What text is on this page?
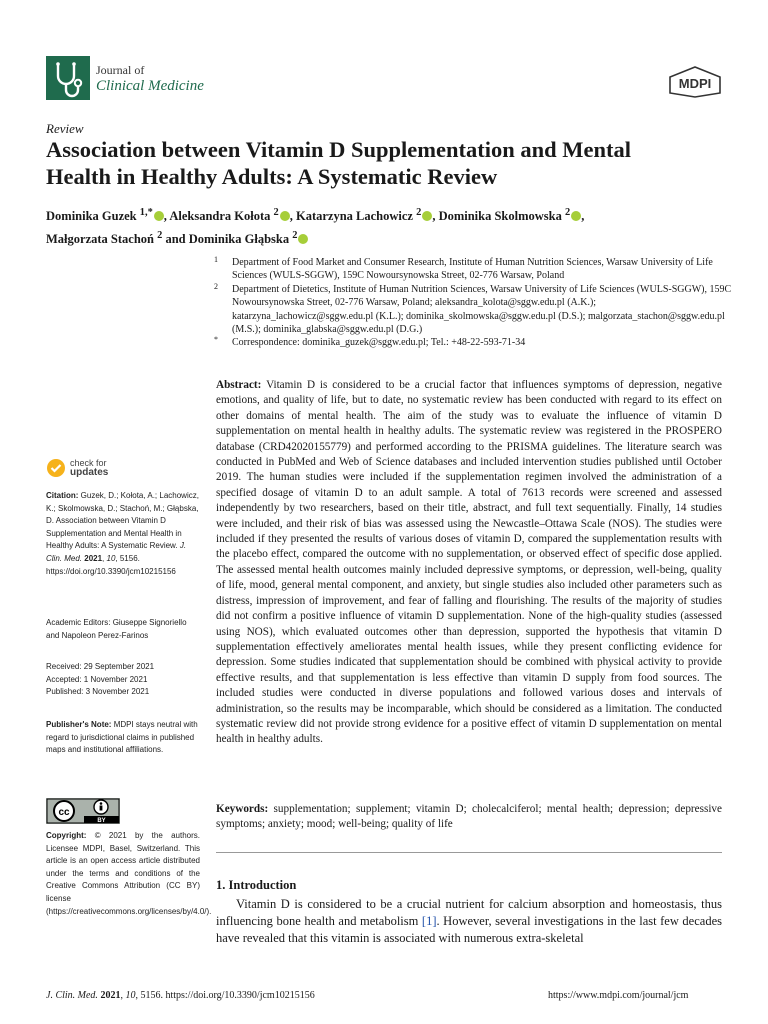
Journal of
Clinical Medicine	MDPI
Review
Association between Vitamin D Supplementation and Mental
Health in Healthy Adults: A Systematic Review
Dominika Guzek $^{1,*}$ , Aleksandra Kołota $^2$ , Katarzyna Lachowicz $^2$ , Dominika Skolmowska $^2$ ,
Małgorzata Stachoń $^2$ and Dominika Głąbska $^2$
1 Department of Food Market and Consumer Research, Institute of Human Nutrition Sciences, Warsaw University of Life Sciences (WULS-SGGW), 159C Nowoursynowska Street, 02-776 Warsaw, Poland
2 Department of Dietetics, Institute of Human Nutrition Sciences, Warsaw University of Life Sciences (WULS-SGGW), 159C Nowoursynowska Street, 02-776 Warsaw, Poland; aleksandra_kolota@sggw.edu.pl (A.K.); katarzyna_lachowicz@sggw.edu.pl (K.L.); dominika_skolmowska@sggw.edu.pl (D.S.); malgorzata_stachon@sggw.edu.pl (M.S.); dominika_glabska@sggw.edu.pl (D.G.)
* Correspondence: dominika_guzek@sggw.edu.pl; Tel.: +48-22-593-71-34
check for
updates
Citation: Guzek, D.; Kołota, A.; Lachowicz, K.; Skolmowska, D.; Stachoń, M.; Głąbska, D. Association between Vitamin D Supplementation and Mental Health in Healthy Adults: A Systematic Review. J. Clin. Med. 2021, 10, 5156. https://doi.org/10.3390/jcm10215156
Academic Editors: Giuseppe Signoriello and Napoleon Perez-Farinos
Received: 29 September 2021
Accepted: 1 November 2021
Published: 3 November 2021
Publisher's Note: MDPI stays neutral with regard to jurisdictional claims in published maps and institutional affiliations.
cc
BY
Copyright: © 2021 by the authors. Licensee MDPI, Basel, Switzerland. This article is an open access article distributed under the terms and conditions of the Creative Commons Attribution (CC BY) license (https://creativecommons.org/licenses/by/4.0/).
Abstract: Vitamin D is considered to be a crucial factor that influences symptoms of depression, negative emotions, and quality of life, but to date, no systematic review has been conducted with regard to its effect on other domains of mental health. The aim of the study was to evaluate the influence of vitamin D supplementation on mental health in healthy adults. The systematic review was registered in the PROSPERO database (CRD42020155779) and performed according to the PRISMA guidelines. The literature search was conducted in PubMed and Web of Science databases and included intervention studies published until October 2019. The human studies were included if the supplementation regimen involved the administration of a specified dosage of vitamin D to an adult sample. A total of 7613 records were screened and assessed independently by two researchers, based on their title, abstract, and full text sequentially. Finally, 14 studies were included, and their risk of bias was assessed using the Newcastle–Ottawa Scale (NOS). The studies were included if they presented the results of various doses of vitamin D, compared the supplementation results with the placebo effect, compared the outcome with no supplementation, or observed effect of specific dose applied. The assessed mental health outcomes mainly included depressive symptoms, or depression, well-being, quality of life, mood, general mental component, and anxiety, but single studies also included other parameters such as distress, impression of improvement, and fear of falling and flourishing. The results of the majority of studies did not confirm a positive influence of vitamin D supplementation. None of the high-quality studies (assessed using NOS), which evaluated outcomes other than depression, supported the hypothesis that vitamin D supplementation effectively ameliorates mental health issues, while they present conflicting evidence for depression. Some studies indicated that supplementation should be combined with physical activity to provide effective results, and that supplementation is less effective than vitamin D supply from food sources. The included studies were conducted in diverse populations and followed various doses and intervals of administration, so the results may be incomparable, which should be considered as a limitation. The conducted systematic review did not provide strong evidence for a positive effect of vitamin D supplementation on mental health in healthy adults.
Keywords: supplementation; supplement; vitamin D; cholecalciferol; mental health; depression; depressive symptoms; anxiety; mood; well-being; quality of life
1. Introduction
Vitamin D is considered to be a crucial nutrient for calcium absorption and homeostasis, thus influencing bone health and metabolism [1]. However, several investigations in the last few decades have revealed that this vitamin is associated with numerous extra-skeletal
J. Clin. Med. 2021, 10, 5156. https://doi.org/10.3390/jcm10215156	https://www.mdpi.com/journal/jcm
